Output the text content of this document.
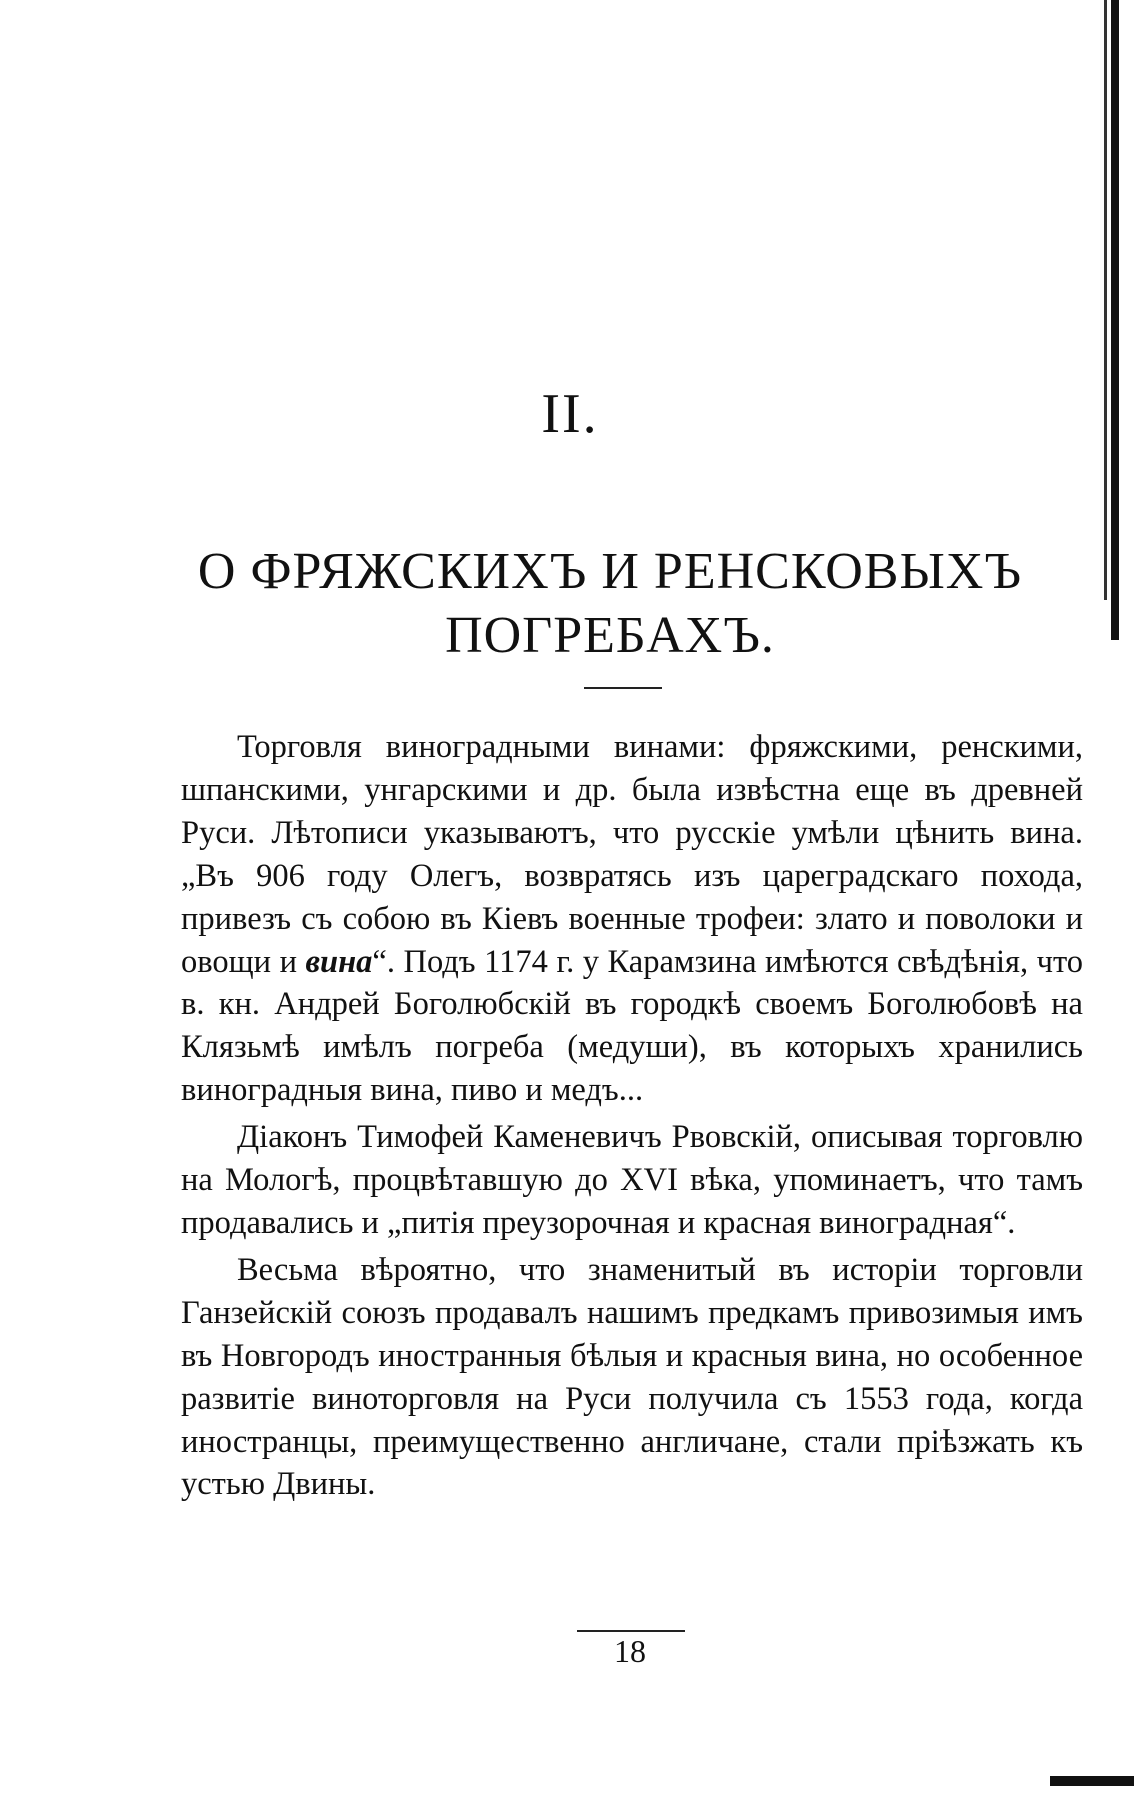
II.
О ФРЯЖСКИХЪ И РЕНСКОВЫХЪ ПОГРЕБАХЪ.

Торговля виноградными винами: фряжскими, ренскими, шпанскими, унгарскими и др. была извѣстна еще въ древней Руси. Лѣтописи указываютъ, что русскіе умѣли цѣнить вина. „Въ 906 году Олегъ, возвратясь изъ цареградскаго похода, привезъ съ собою въ Кіевъ военные трофеи: злато и поволоки и овощи и вина“. Подъ 1174 г. у Карамзина имѣются свѣдѣнія, что в. кн. Андрей Боголюбскій въ городкѣ своемъ Боголюбовѣ на Клязьмѣ имѣлъ погреба (медуши), въ которыхъ хранились виноградныя вина, пиво и медъ...

Діаконъ Тимофей Каменевичъ Рвовскій, описывая торговлю на Мологѣ, процвѣтавшую до XVI вѣка, упоминаетъ, что тамъ продавались и „питія преузорочная и красная виноградная“.

Весьма вѣроятно, что знаменитый въ исторіи торговли Ганзейскій союзъ продавалъ нашимъ предкамъ привозимыя имъ въ Новгородъ иностранныя бѣлыя и красныя вина, но особенное развитіе виноторговля на Руси получила съ 1553 года, когда иностранцы, преимущественно англичане, стали пріѣзжать къ устью Двины.

18
